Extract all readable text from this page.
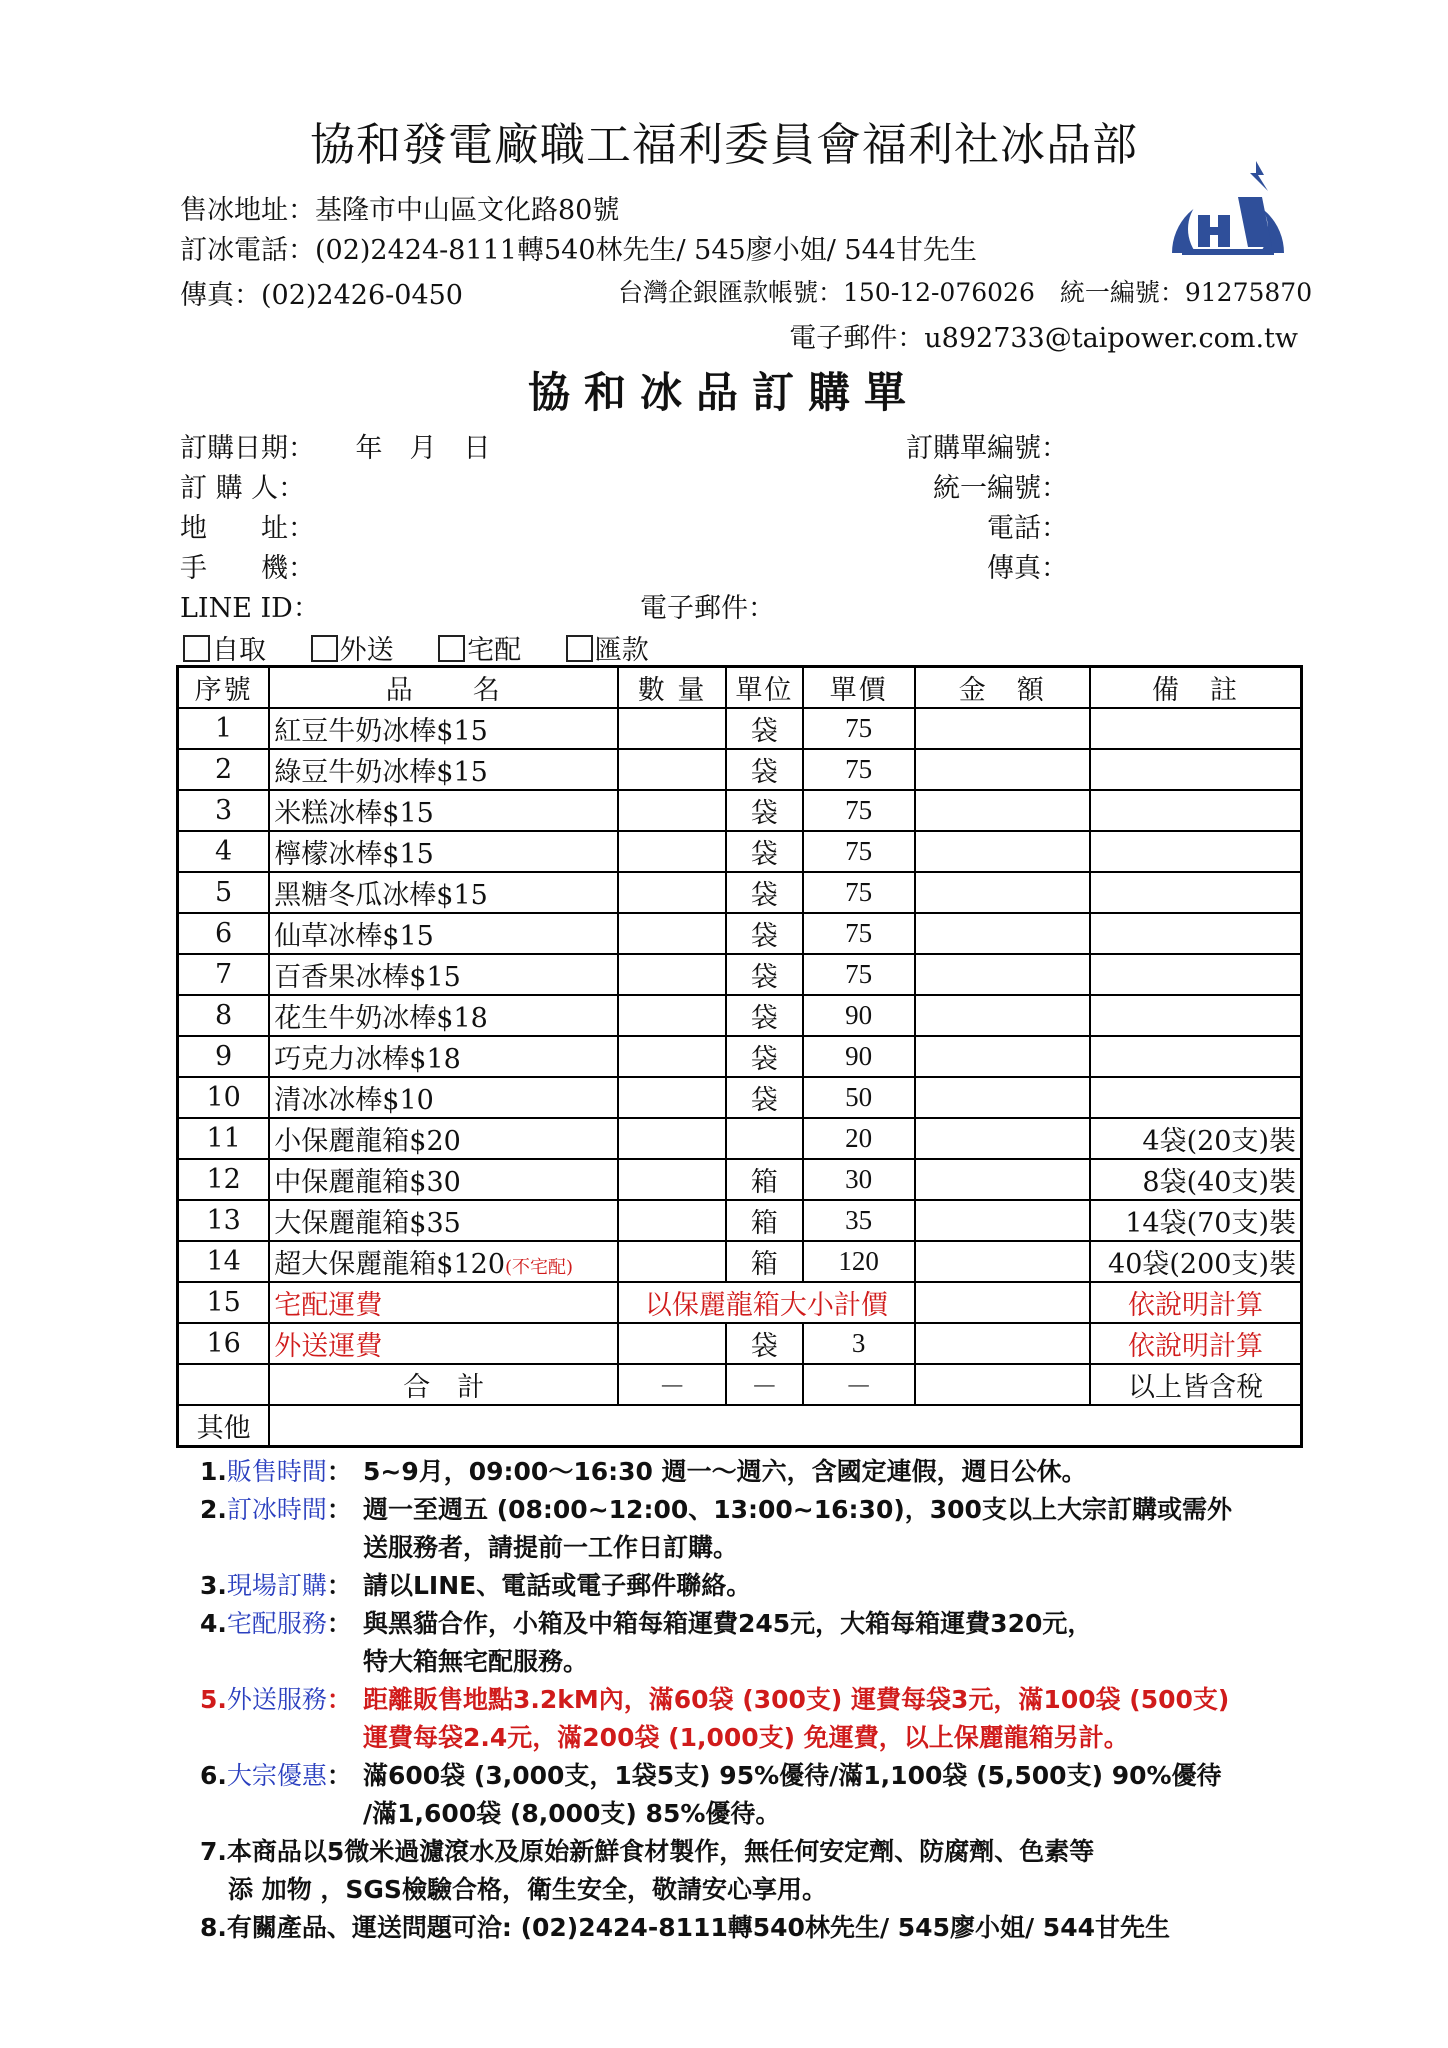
協和發電廠職工福利委員會福利社冰品部
售冰地址：基隆市中山區文化路80號
訂冰電話：(02)2424-8111轉540林先生/ 545廖小姐/ 544甘先生
傳真：(02)2426-0450	台灣企銀匯款帳號：150-12-076026　統一編號：91275870
電子郵件：u892733@taipower.com.tw
協和冰品訂購單
訂購日期：　　年　月　日	訂購單編號：
訂 購 人：	統一編號：
地　　址：	電話：
手　　機：	傳真：
LINE ID：	電子郵件：
自取	外送	宅配	匯款
序號	品　　名	數 量	單位	單價	金　額	備　註
1	紅豆牛奶冰棒$15		袋	75		
2	綠豆牛奶冰棒$15		袋	75		
3	米糕冰棒$15		袋	75		
4	檸檬冰棒$15		袋	75		
5	黑糖冬瓜冰棒$15		袋	75		
6	仙草冰棒$15		袋	75		
7	百香果冰棒$15		袋	75		
8	花生牛奶冰棒$18		袋	90		
9	巧克力冰棒$18		袋	90		
10	清冰冰棒$10		袋	50		
11	小保麗龍箱$20			20		4袋(20支)裝
12	中保麗龍箱$30		箱	30		8袋(40支)裝
13	大保麗龍箱$35		箱	35		14袋(70支)裝
14	超大保麗龍箱$120(不宅配)		箱	120		40袋(200支)裝
15	宅配運費	以保麗龍箱大小計價				依說明計算
16	外送運費		袋	3		依說明計算
	合　計	－	－	－		以上皆含稅
其他						
1.販售時間： 5~9月，09:00～16:30 週一～週六，含國定連假，週日公休。
2.訂冰時間： 週一至週五 (08:00~12:00、13:00~16:30)，300支以上大宗訂購或需外
送服務者，請提前一工作日訂購。
3.現場訂購： 請以LINE、電話或電子郵件聯絡。
4.宅配服務： 與黑貓合作，小箱及中箱每箱運費245元，大箱每箱運費320元，
特大箱無宅配服務。
5.外送服務： 距離販售地點3.2kM內，滿60袋 (300支) 運費每袋3元，滿100袋 (500支)
運費每袋2.4元，滿200袋 (1,000支) 免運費，以上保麗龍箱另計。
6.大宗優惠： 滿600袋 (3,000支，1袋5支) 95%優待/滿1,100袋 (5,500支) 90%優待
/滿1,600袋 (8,000支) 85%優待。
7.本商品以5微米過濾滾水及原始新鮮食材製作，無任何安定劑、防腐劑、色素等
添 加物 ，SGS檢驗合格，衛生安全，敬請安心享用。
8.有關產品、運送問題可洽: (02)2424-8111轉540林先生/ 545廖小姐/ 544甘先生
